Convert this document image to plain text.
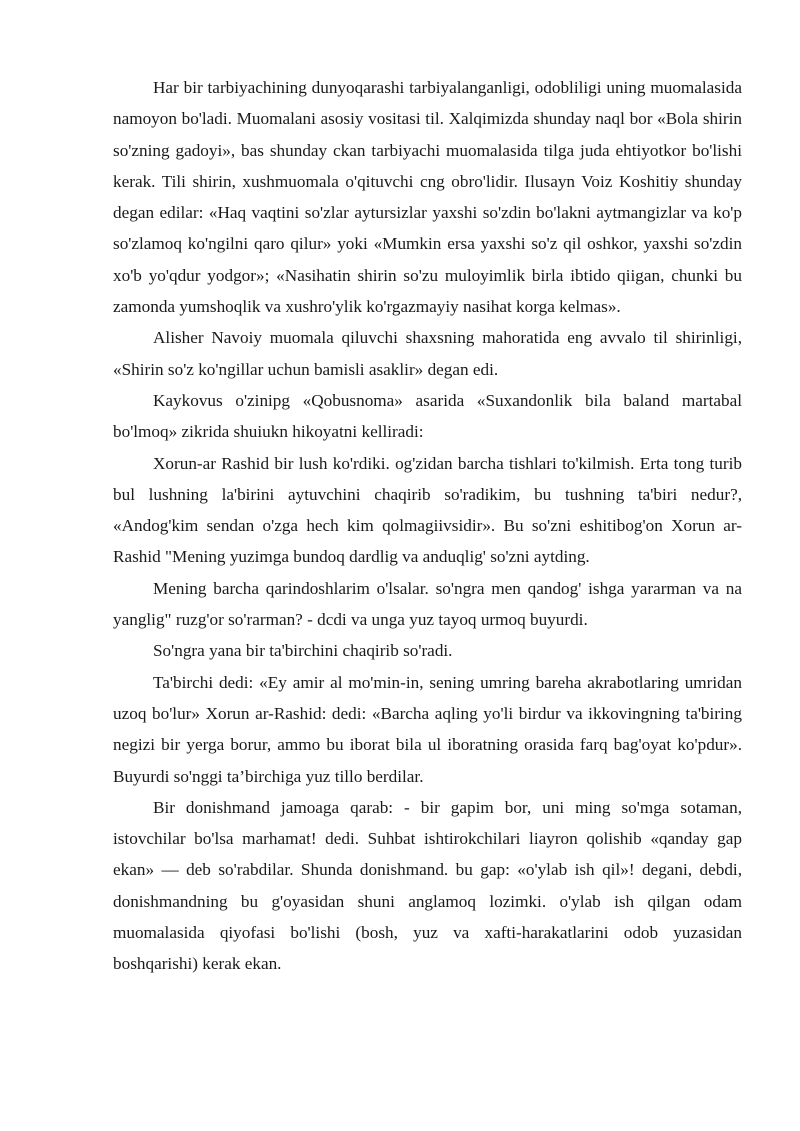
Har bir tarbiyachining dunyoqarashi tarbiyalanganligi, odobliligi uning muomalasida namoyon bo'ladi. Muomalani asosiy vositasi til. Xalqimizda shunday naql bor «Bola shirin so'zning gadoyi», bas shunday ckan tarbiyachi muomalasida tilga juda ehtiyotkor bo'lishi kerak. Tili shirin, xushmuomala o'qituvchi cng obro'lidir. Ilusayn Voiz Koshitiy shunday degan edilar: «Haq vaqtini so'zlar aytursizlar yaxshi so'zdin bo'lakni aytmangizlar va ko'p so'zlamoq ko'ngilni qaro qilur» yoki «Mumkin ersa yaxshi so'z qil oshkor, yaxshi so'zdin xo'b yo'qdur yodgor»; «Nasihatin shirin so'zu muloyimlik birla ibtido qiigan, chunki bu zamonda yumshoqlik va xushro'ylik ko'rgazmayiy nasihat korga kelmas».

Alisher Navoiy muomala qiluvchi shaxsning mahoratida eng avvalo til shirinligi, «Shirin so'z ko'ngillar uchun bamisli asaklir» degan edi.

Kaykovus o'zinipg «Qobusnoma» asarida «Suxandonlik bila baland martabal bo'lmoq» zikrida shuiukn hikoyatni kelliradi:

Xorun-ar Rashid bir lush ko'rdiki. og'zidan barcha tishlari to'kilmish. Erta tong turib bul lushning la'birini aytuvchini chaqirib so'radikim, bu tushning ta'biri nedur?, «Andog'kim sendan o'zga hech kim qolmagiivsidir». Bu so'zni eshitibog'on Xorun ar-Rashid "Mening yuzimga bundoq dardlig va anduqlig' so'zni aytding.

Mening barcha qarindoshlarim o'lsalar. so'ngra men qandog' ishga yararman va na yanglig" ruzg'or so'rarman? - dcdi va unga yuz tayoq urmoq buyurdi.

So'ngra yana bir ta'birchini chaqirib so'radi.

Ta'birchi dedi: «Ey amir al mo'min-in, sening umring bareha akrabotlaring umridan uzoq bo'lur» Xorun ar-Rashid: dedi: «Barcha aqling yo'li birdur va ikkovingning ta'biring negizi bir yerga borur, ammo bu iborat bila ul iboratning orasida farq bag'oyat ko'pdur». Buyurdi so'nggi ta’birchiga yuz tillo berdilar.

Bir donishmand jamoaga qarab: - bir gapim bor, uni ming so'mga sotaman, istovchilar bo'lsa marhamat! dedi. Suhbat ishtirokchilari liayron qolishib «qanday gap ekan» — deb so'rabdilar. Shunda donishmand. bu gap: «o'ylab ish qil»! degani, debdi, donishmandning bu g'oyasidan shuni anglamoq lozimki. o'ylab ish qilgan odam muomalasida qiyofasi bo'lishi (bosh, yuz va xafti-harakatlarini odob yuzasidan boshqarishi) kerak ekan.
